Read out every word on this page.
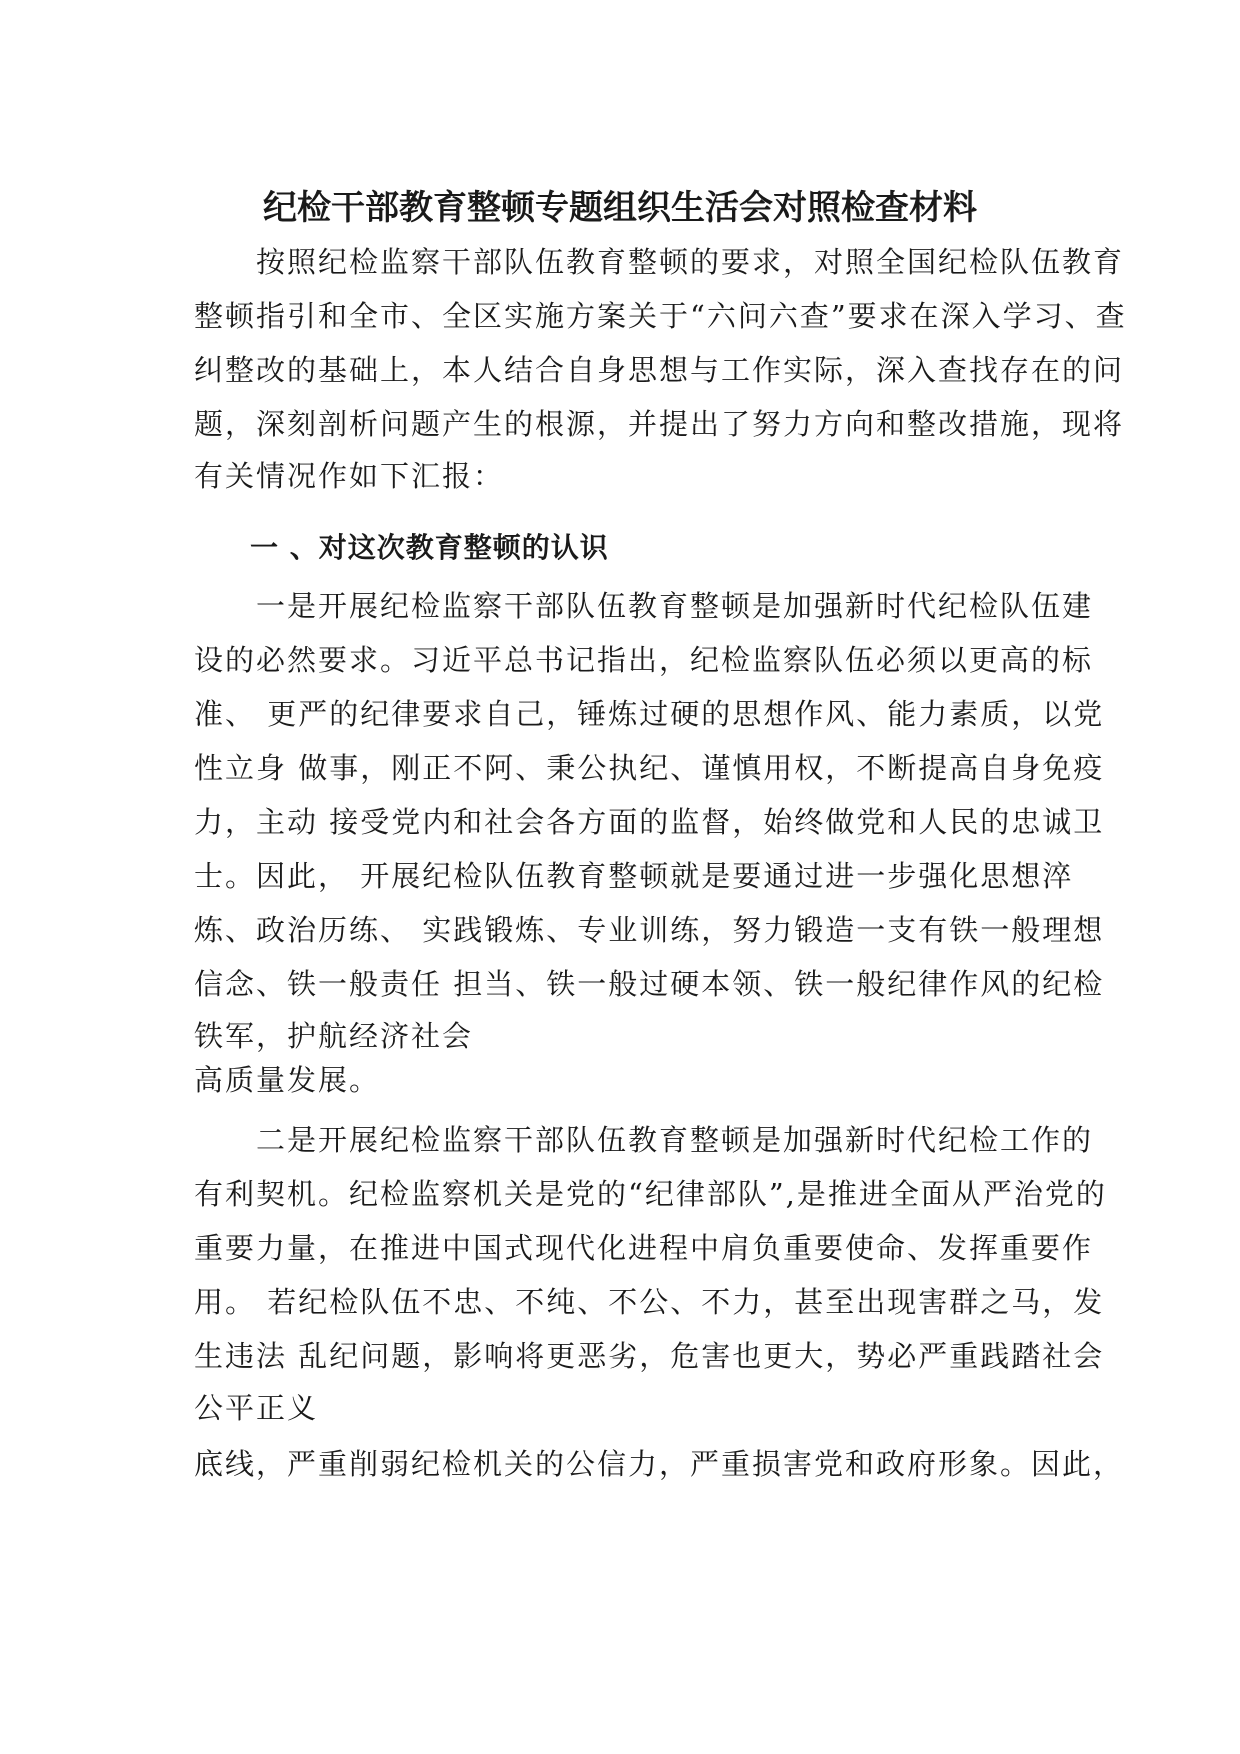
纪检干部教育整顿专题组织生活会对照检查材料
　　按照纪检监察干部队伍教育整顿的要求，对照全国纪检队伍教育
整顿指引和全市、全区实施方案关于“六问六查”要求在深入学习、查
纠整改的基础上，本人结合自身思想与工作实际，深入查找存在的问
题，深刻剖析问题产生的根源，并提出了努力方向和整改措施，现将
有关情况作如下汇报：
一 、对这次教育整顿的认识
　　一是开展纪检监察干部队伍教育整顿是加强新时代纪检队伍建
设的必然要求。习近平总书记指出，纪检监察队伍必须以更高的标
准、 更严的纪律要求自己，锤炼过硬的思想作风、能力素质，以党
性立身 做事，刚正不阿、秉公执纪、谨慎用权，不断提高自身免疫
力，主动 接受党内和社会各方面的监督，始终做党和人民的忠诚卫
士。因此， 开展纪检队伍教育整顿就是要通过进一步强化思想淬
炼、政治历练、 实践锻炼、专业训练，努力锻造一支有铁一般理想
信念、铁一般责任 担当、铁一般过硬本领、铁一般纪律作风的纪检
铁军，护航经济社会
高质量发展。
　　二是开展纪检监察干部队伍教育整顿是加强新时代纪检工作的
有利契机。纪检监察机关是党的“纪律部队”,是推进全面从严治党的
重要力量，在推进中国式现代化进程中肩负重要使命、发挥重要作
用。 若纪检队伍不忠、不纯、不公、不力，甚至出现害群之马，发
生违法 乱纪问题，影响将更恶劣，危害也更大，势必严重践踏社会
公平正义
底线，严重削弱纪检机关的公信力，严重损害党和政府形象。因此，
